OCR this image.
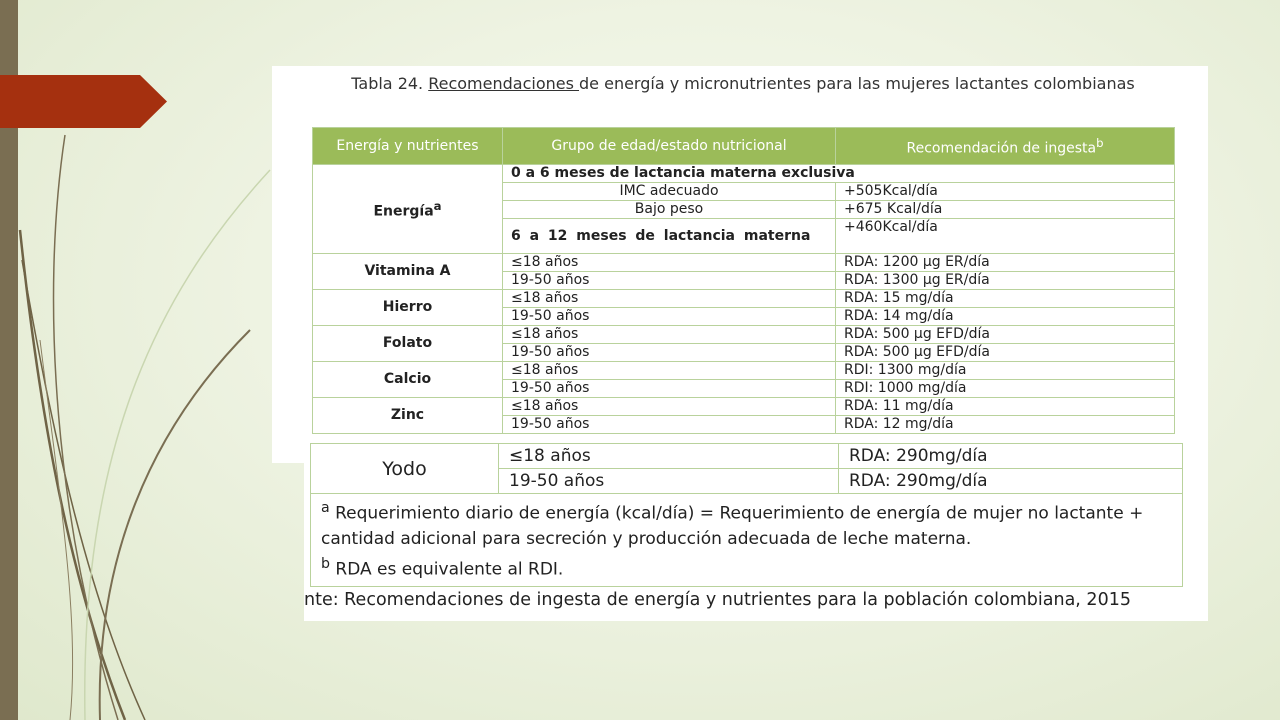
Tabla 24. Recomendaciones de energía y micronutrientes para las mujeres lactantes colombianas
Energía y nutrientes	Grupo de edad/estado nutricional	Recomendación de ingesta$^b$
Energía$^a$	0 a 6 meses de lactancia materna exclusiva	
	IMC adecuado	+505Kcal/día
	Bajo peso	+675 Kcal/día
	6 a 12 meses de lactancia materna	+460Kcal/día
Vitamina A	≤18 años	RDA: 1200 µg ER/día
	19-50 años	RDA: 1300 µg ER/día
Hierro	≤18 años	RDA: 15 mg/día
	19-50 años	RDA: 14 mg/día
Folato	≤18 años	RDA: 500 µg EFD/día
	19-50 años	RDA: 500 µg EFD/día
Calcio	≤18 años	RDI: 1300 mg/día
	19-50 años	RDI: 1000 mg/día
Zinc	≤18 años	RDA: 11 mg/día
	19-50 años	RDA: 12 mg/día
Yodo	≤18 años	RDA: 290mg/día
	19-50 años	RDA: 290mg/día
$^a$ Requerimiento diario de energía (kcal/día) = Requerimiento de energía de mujer no lactante + cantidad adicional para secreción y producción adecuada de leche materna.
$^b$ RDA es equivalente al RDI.		
nte: Recomendaciones de ingesta de energía y nutrientes para la población colombiana, 2015
